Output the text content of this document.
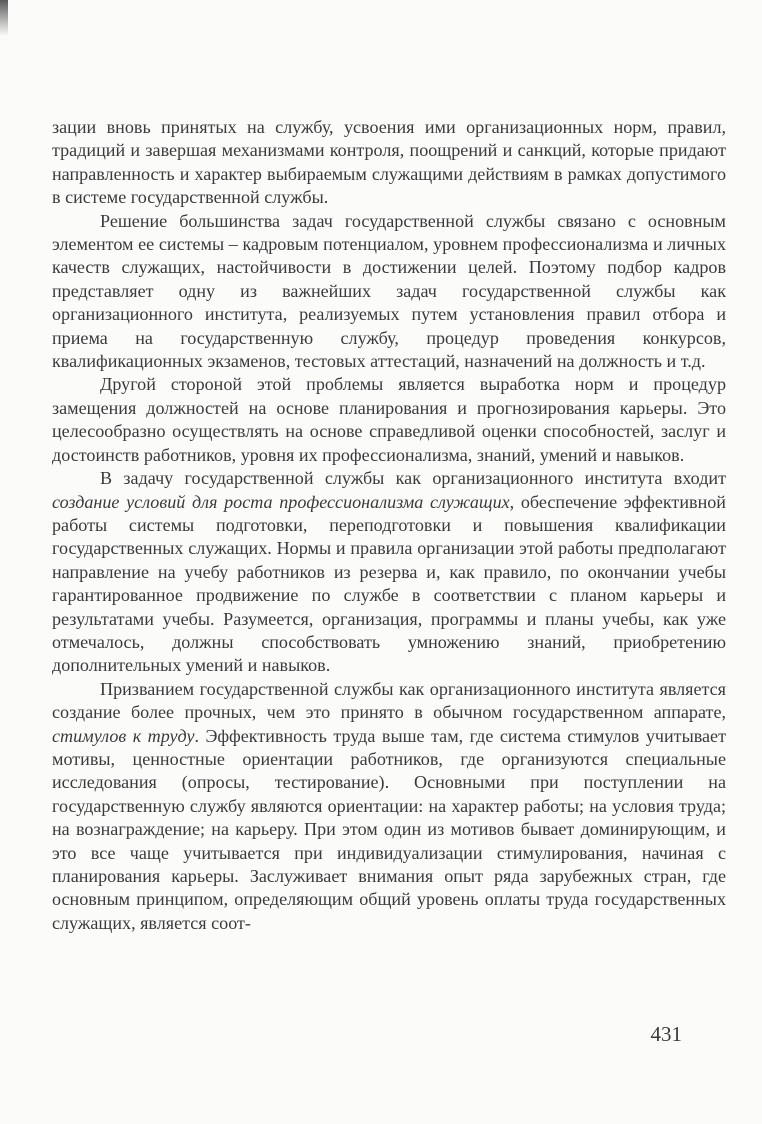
зации вновь принятых на службу, усвоения ими организационных норм, правил, традиций и завершая механизмами контроля, поощрений и санкций, которые придают направленность и характер выбираемым служащими действиям в рамках допустимого в системе государственной службы.

Решение большинства задач государственной службы связано с основным элементом ее системы – кадровым потенциалом, уровнем профессионализма и личных качеств служащих, настойчивости в достижении целей. Поэтому подбор кадров представляет одну из важнейших задач государственной службы как организационного института, реализуемых путем установления правил отбора и приема на государственную службу, процедур проведения конкурсов, квалификационных экзаменов, тестовых аттестаций, назначений на должность и т.д.

Другой стороной этой проблемы является выработка норм и процедур замещения должностей на основе планирования и прогнозирования карьеры. Это целесообразно осуществлять на основе справедливой оценки способностей, заслуг и достоинств работников, уровня их профессионализма, знаний, умений и навыков.

В задачу государственной службы как организационного института входит создание условий для роста профессионализма служащих, обеспечение эффективной работы системы подготовки, переподготовки и повышения квалификации государственных служащих. Нормы и правила организации этой работы предполагают направление на учебу работников из резерва и, как правило, по окончании учебы гарантированное продвижение по службе в соответствии с планом карьеры и результатами учебы. Разумеется, организация, программы и планы учебы, как уже отмечалось, должны способствовать умножению знаний, приобретению дополнительных умений и навыков.

Призванием государственной службы как организационного института является создание более прочных, чем это принято в обычном государственном аппарате, стимулов к труду. Эффективность труда выше там, где система стимулов учитывает мотивы, ценностные ориентации работников, где организуются специальные исследования (опросы, тестирование). Основными при поступлении на государственную службу являются ориентации: на характер работы; на условия труда; на вознаграждение; на карьеру. При этом один из мотивов бывает доминирующим, и это все чаще учитывается при индивидуализации стимулирования, начиная с планирования карьеры. Заслуживает внимания опыт ряда зарубежных стран, где основным принципом, определяющим общий уровень оплаты труда государственных служащих, является соот-

431
